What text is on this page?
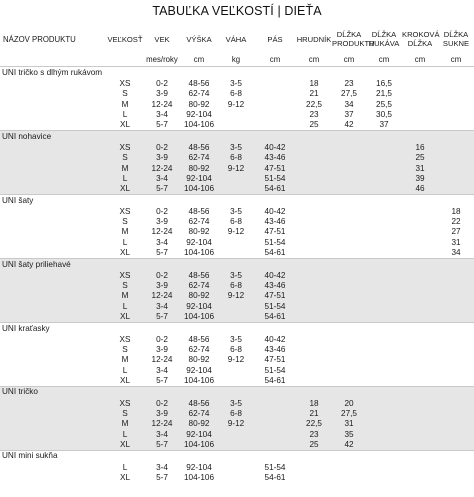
TABUĽKA VEĽKOSTÍ | DIEŤA
NÁZOV PRODUKTU	VEĽKOSŤ	VEK	VÝŠKA	VÁHA	PÁS	HRUDNÍK	DĹŽKA PRODUKTU	DĹŽKA RUKÁVA	KROKOVÁ DĹŽKA	DĹŽKA SUKNE
		mes/roky	cm	kg	cm	cm	cm	cm	cm	cm
UNI tričko s dlhým rukávom										
	XS	0-2	48-56	3-5		18	23	16,5		
	S	3-9	62-74	6-8		21	27,5	21,5		
	M	12-24	80-92	9-12		22,5	34	25,5		
	L	3-4	92-104			23	37	30,5		
	XL	5-7	104-106			25	42	37		
UNI nohavice										
	XS	0-2	48-56	3-5	40-42				16	
	S	3-9	62-74	6-8	43-46				25	
	M	12-24	80-92	9-12	47-51				31	
	L	3-4	92-104		51-54				39	
	XL	5-7	104-106		54-61				46	
UNI šaty										
	XS	0-2	48-56	3-5	40-42					18
	S	3-9	62-74	6-8	43-46					22
	M	12-24	80-92	9-12	47-51					27
	L	3-4	92-104		51-54					31
	XL	5-7	104-106		54-61					34
UNI šaty priliehavé										
	XS	0-2	48-56	3-5	40-42					
	S	3-9	62-74	6-8	43-46					
	M	12-24	80-92	9-12	47-51					
	L	3-4	92-104		51-54					
	XL	5-7	104-106		54-61					
UNI kraťasky										
	XS	0-2	48-56	3-5	40-42					
	S	3-9	62-74	6-8	43-46					
	M	12-24	80-92	9-12	47-51					
	L	3-4	92-104		51-54					
	XL	5-7	104-106		54-61					
UNI tričko										
	XS	0-2	48-56	3-5		18	20			
	S	3-9	62-74	6-8		21	27,5			
	M	12-24	80-92	9-12		22,5	31			
	L	3-4	92-104			23	35			
	XL	5-7	104-106			25	42			
UNI mini sukňa										
	L	3-4	92-104		51-54					
	XL	5-7	104-106		54-61					
